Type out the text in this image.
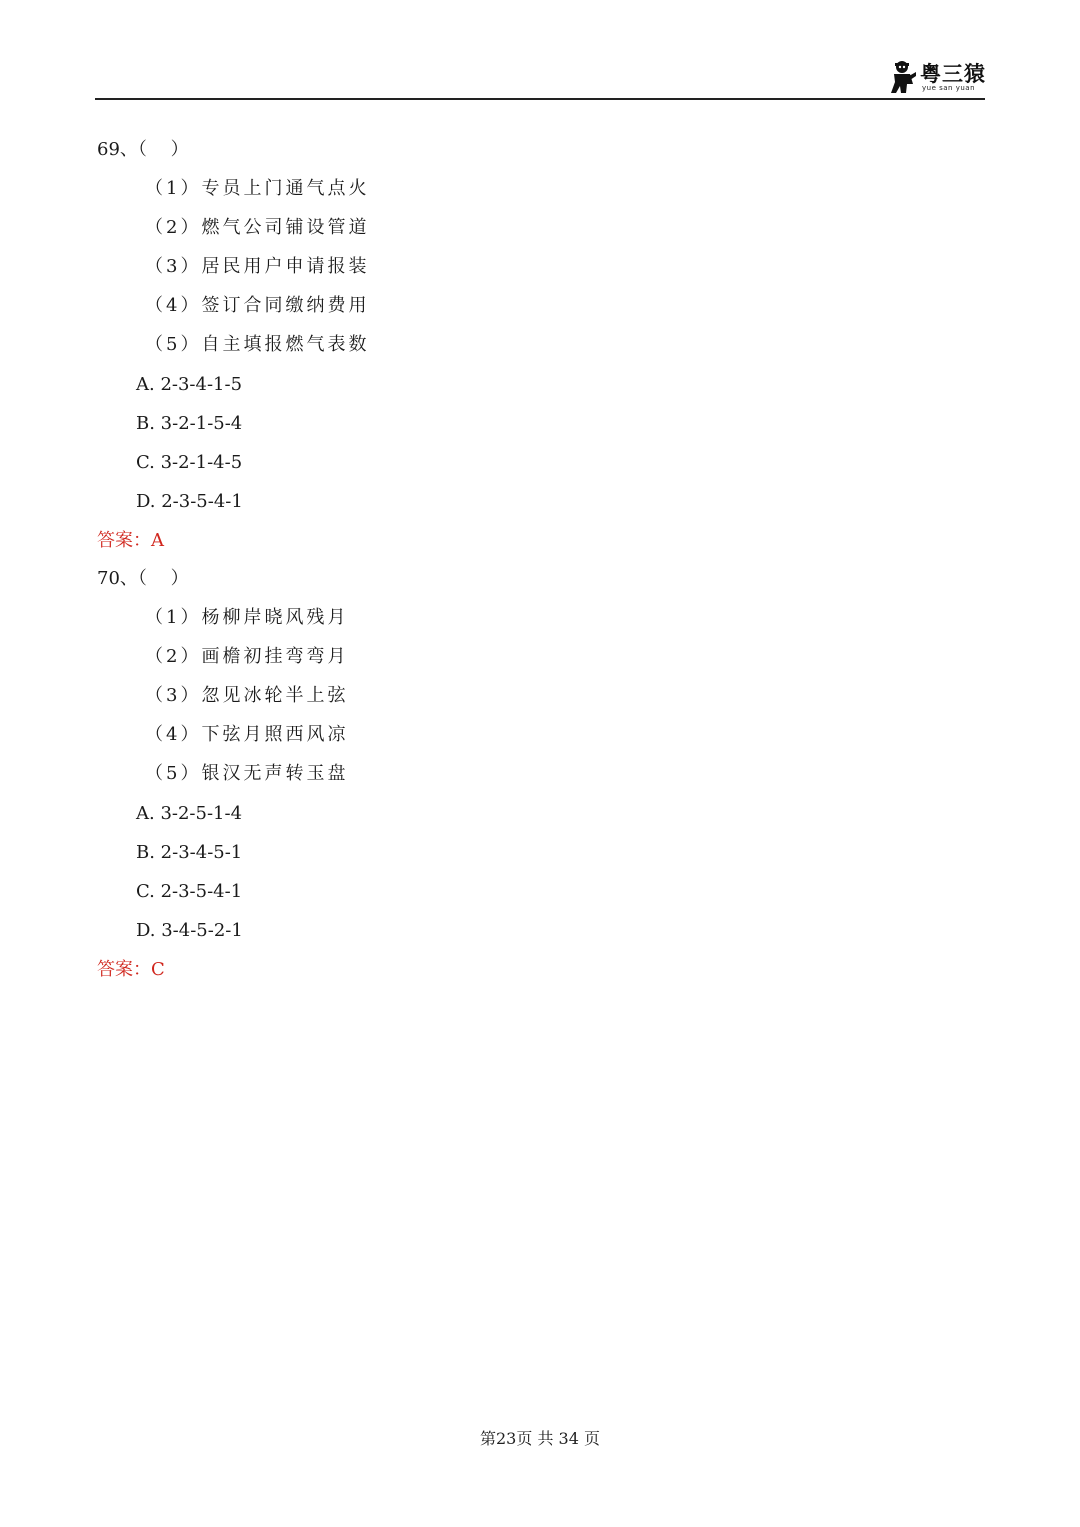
粤三猿
yue san yuan
69、（　 ）
（1）专员上门通气点火
（2）燃气公司铺设管道
（3）居民用户申请报装
（4）签订合同缴纳费用
（5）自主填报燃气表数
A. 2-3-4-1-5
B. 3-2-1-5-4
C. 3-2-1-4-5
D. 2-3-5-4-1
答案：A
70、（　 ）
（1）杨柳岸晓风残月
（2）画檐初挂弯弯月
（3）忽见冰轮半上弦
（4）下弦月照西风凉
（5）银汉无声转玉盘
A. 3-2-5-1-4
B. 2-3-4-5-1
C. 2-3-5-4-1
D. 3-4-5-2-1
答案：C
第23页 共 34 页
